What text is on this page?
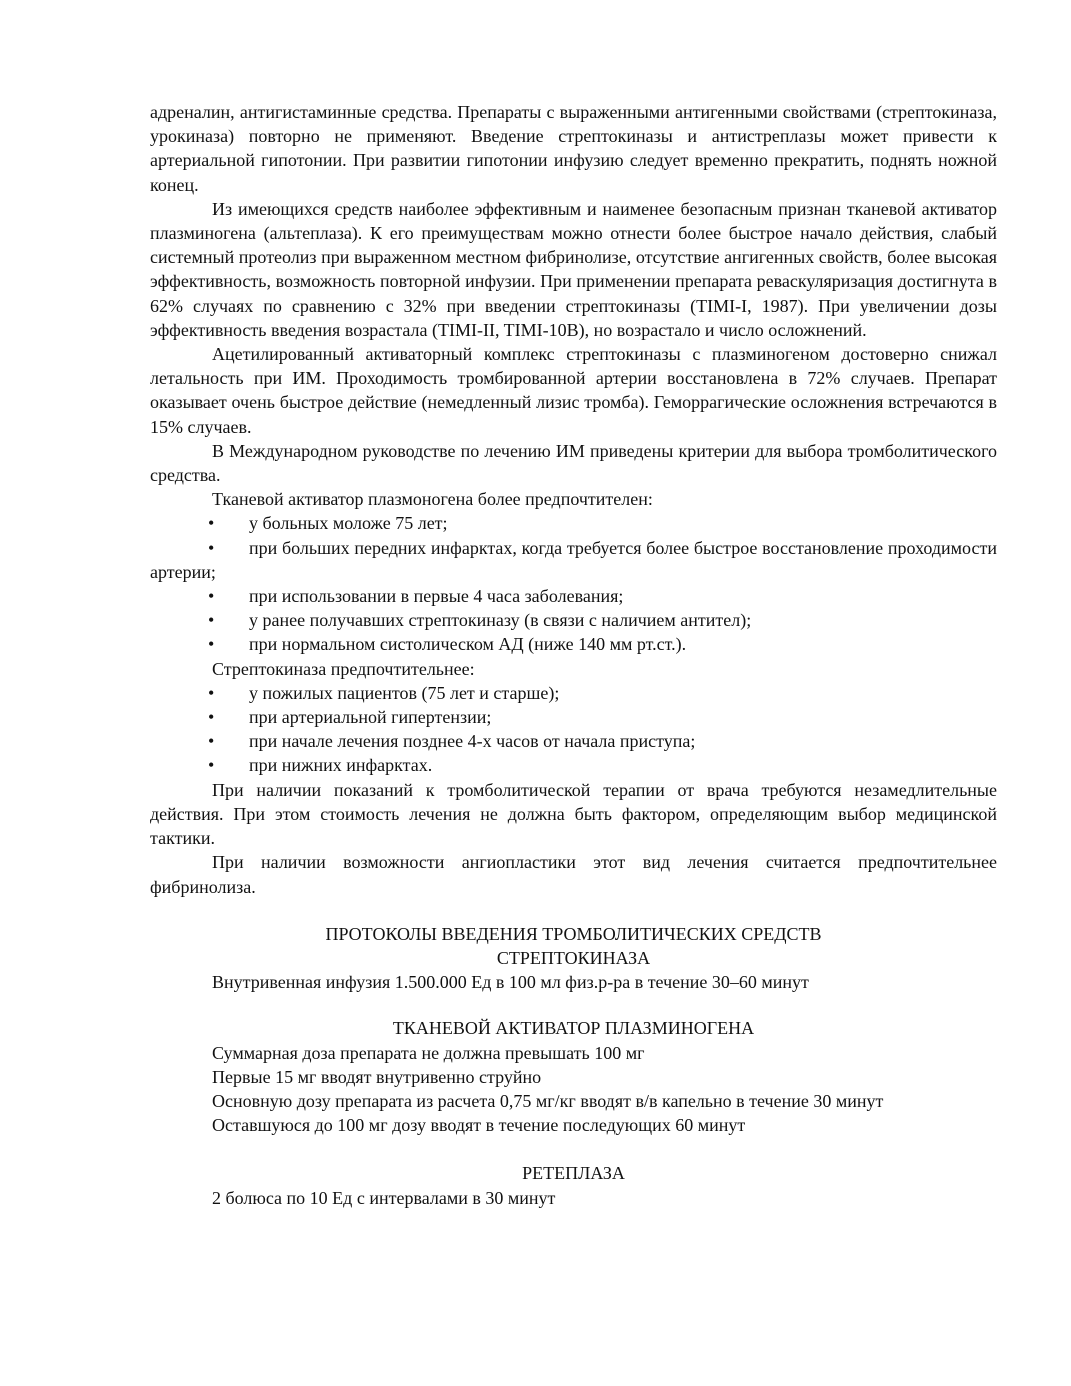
адреналин, антигистаминные средства. Препараты с выраженными антигенными свойствами (стрептокиназа, урокиназа) повторно не применяют. Введение стрептокиназы и антистреплазы может привести к артериальной гипотонии. При развитии гипотонии инфузию следует временно прекратить, поднять ножной конец.

Из имеющихся средств наиболее эффективным и наименее безопасным признан тканевой активатор плазминогена (альтеплаза). К его преимуществам можно отнести более быстрое начало действия, слабый системный протеолиз при выраженном местном фибринолизе, отсутствие ангигенных свойств, более высокая эффективность, возможность повторной инфузии. При применении препарата реваскуляризация достигнута в 62% случаях по сравнению с 32% при введении стрептокиназы (TIMI-I, 1987). При увеличении дозы эффективность введения возрастала (TIMI-II, TIMI-10B), но возрастало и число осложнений.

Ацетилированный активаторный комплекс стрептокиназы с плазминогеном достоверно снижал летальность при ИМ. Проходимость тромбированной артерии восстановлена в 72% случаев. Препарат оказывает очень быстрое действие (немедленный лизис тромба). Геморрагические осложнения встречаются в 15% случаев.

В Международном руководстве по лечению ИМ приведены критерии для выбора тромболитического средства.

Тканевой активатор плазмоногена более предпочтителен:

• у больных моложе 75 лет;

• при больших передних инфарктах, когда требуется более быстрое восстановление проходимости артерии;

• при использовании в первые 4 часа заболевания;

• у ранее получавших стрептокиназу (в связи с наличием антител);

• при нормальном систолическом АД (ниже 140 мм рт.ст.).

Стрептокиназа предпочтительнее:

• у пожилых пациентов (75 лет и старше);

• при артериальной гипертензии;

• при начале лечения позднее 4-х часов от начала приступа;

• при нижних инфарктах.

При наличии показаний к тромболитической терапии от врача требуются незамедлительные действия. При этом стоимость лечения не должна быть фактором, определяющим выбор медицинской тактики.

При наличии возможности ангиопластики этот вид лечения считается предпочтительнее фибринолиза.

ПРОТОКОЛЫ ВВЕДЕНИЯ ТРОМБОЛИТИЧЕСКИХ СРЕДСТВ

СТРЕПТОКИНАЗА

Внутривенная инфузия 1.500.000 Ед в 100 мл физ.р-ра в течение 30–60 минут

ТКАНЕВОЙ АКТИВАТОР ПЛАЗМИНОГЕНА

Суммарная доза препарата не должна превышать 100 мг

Первые 15 мг вводят внутривенно струйно

Основную дозу препарата из расчета 0,75 мг/кг вводят в/в капельно в течение 30 минут

Оставшуюся до 100 мг дозу вводят в течение последующих 60 минут

РЕТЕПЛАЗА

2 болюса по 10 Ед с интервалами в 30 минут
